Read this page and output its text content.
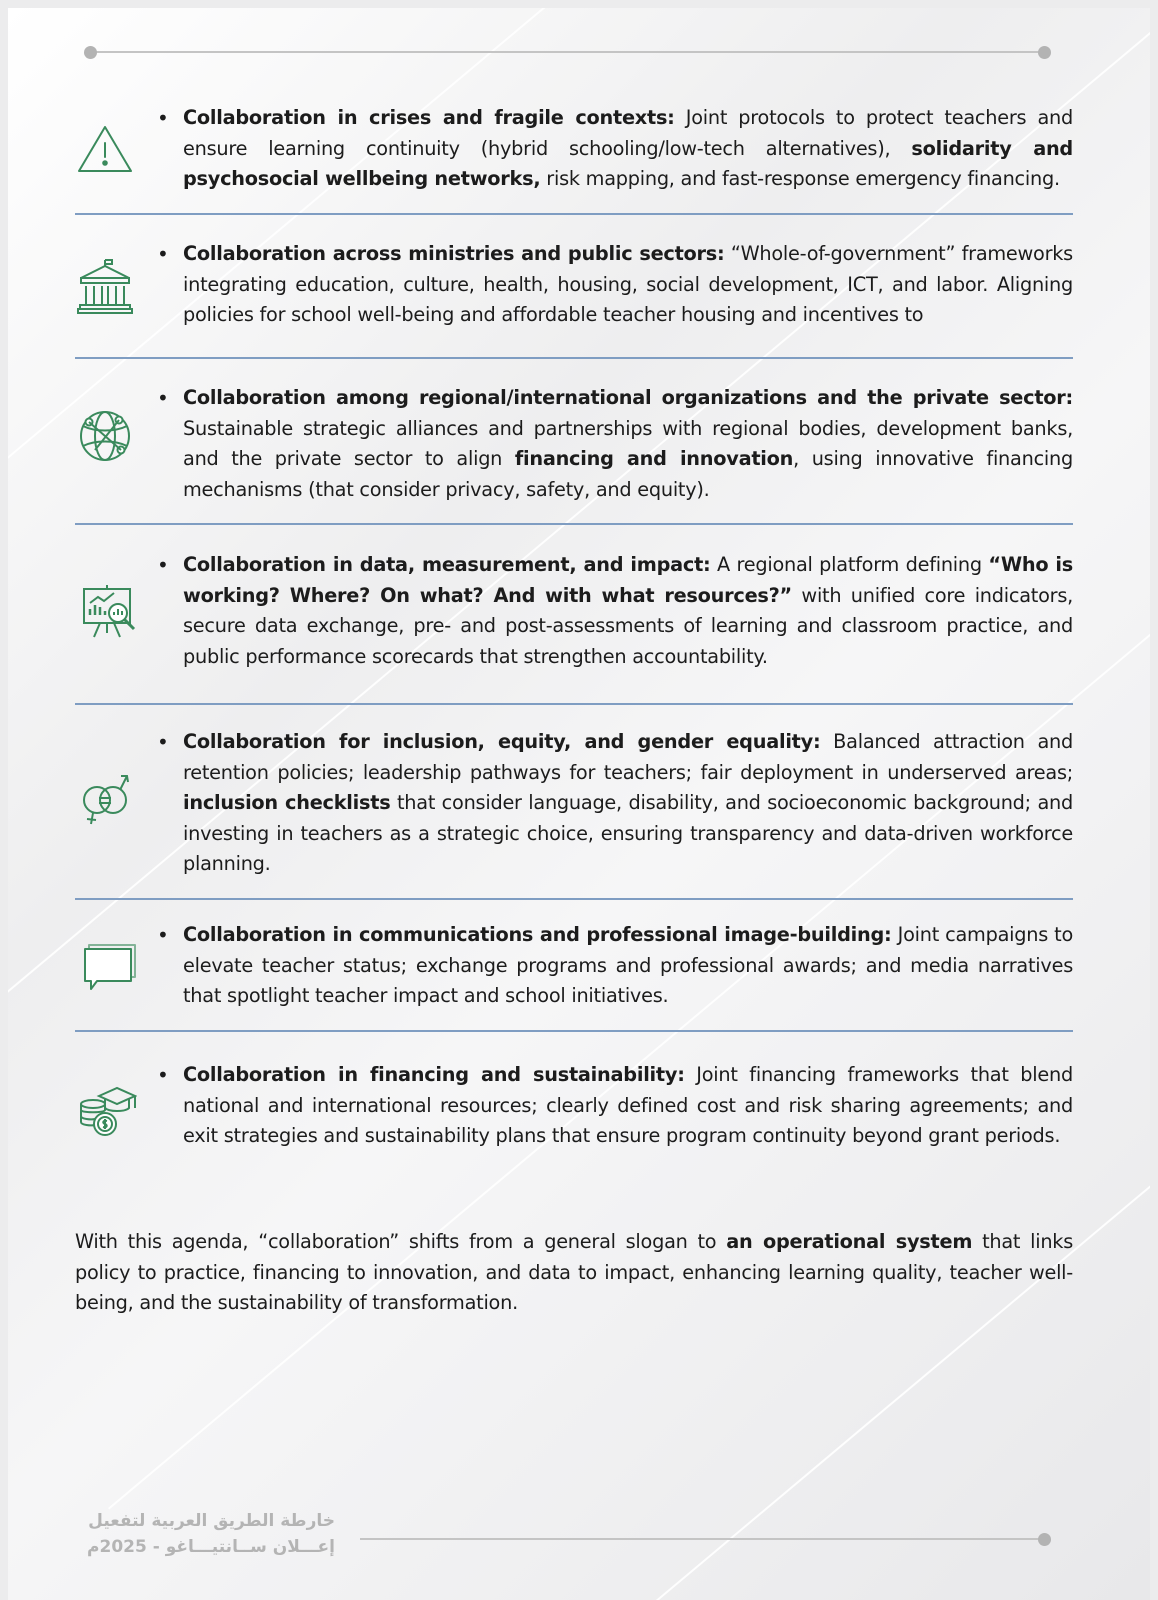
• Collaboration in crises and fragile contexts: Joint protocols to protect teachers and ensure learning continuity (hybrid schooling/low-tech alternatives), solidarity and psychosocial wellbeing networks, risk mapping, and fast-response emergency financing.
• Collaboration across ministries and public sectors: “Whole-of-government” frameworks integrating education, culture, health, housing, social development, ICT, and labor. Aligning policies for school well-being and affordable teacher housing and incentives to
• Collaboration among regional/international organizations and the private sector: Sustainable strategic alliances and partnerships with regional bodies, development banks, and the private sector to align financing and innovation, using innovative financing mechanisms (that consider privacy, safety, and equity).
• Collaboration in data, measurement, and impact: A regional platform defining “Who is working? Where? On what? And with what resources?” with unified core indicators, secure data exchange, pre- and post-assessments of learning and classroom practice, and public performance scorecards that strengthen accountability.
• Collaboration for inclusion, equity, and gender equality: Balanced attraction and retention policies; leadership pathways for teachers; fair deployment in underserved areas; inclusion checklists that consider language, disability, and socioeconomic background; and investing in teachers as a strategic choice, ensuring transparency and data-driven workforce planning.
• Collaboration in communications and professional image-building: Joint campaigns to elevate teacher status; exchange programs and professional awards; and media narratives that spotlight teacher impact and school initiatives.
• Collaboration in financing and sustainability: Joint financing frameworks that blend national and international resources; clearly defined cost and risk sharing agreements; and exit strategies and sustainability plans that ensure program continuity beyond grant periods.
With this agenda, “collaboration” shifts from a general slogan to an operational system that links policy to practice, financing to innovation, and data to impact, enhancing learning quality, teacher well-being, and the sustainability of transformation.
خارطة الطريق العربية لتفعيل
إعـــلان ســانتيـــاغو - 2025م
